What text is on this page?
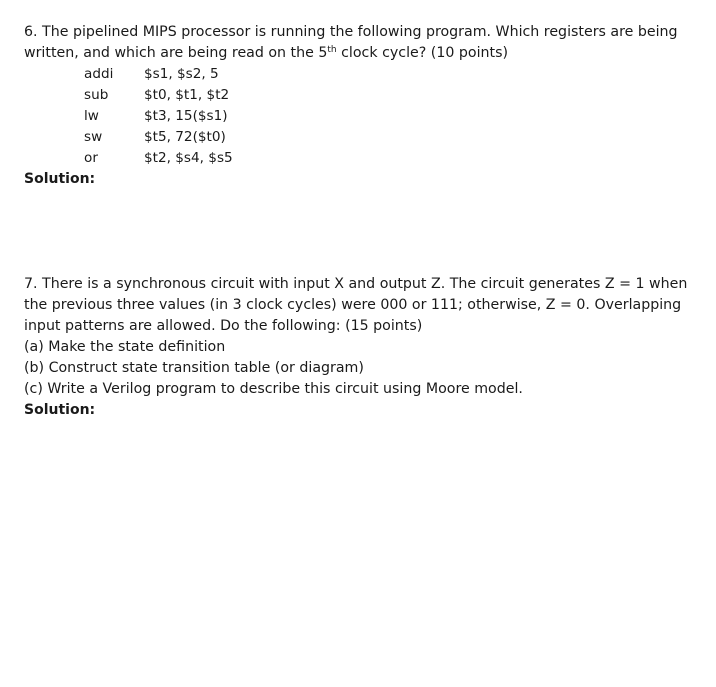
6. The pipelined MIPS processor is running the following program. Which registers are being
written, and which are being read on the 5th clock cycle? (10 points)
addi	$s1, $s2, 5
sub	$t0, $t1, $t2
lw	$t3, 15($s1)
sw	$t5, 72($t0)
or	$t2, $s4, $s5
Solution:
7. There is a synchronous circuit with input X and output Z. The circuit generates Z = 1 when
the previous three values (in 3 clock cycles) were 000 or 111; otherwise, Z = 0. Overlapping
input patterns are allowed. Do the following: (15 points)
(a) Make the state definition
(b) Construct state transition table (or diagram)
(c) Write a Verilog program to describe this circuit using Moore model.
Solution:
